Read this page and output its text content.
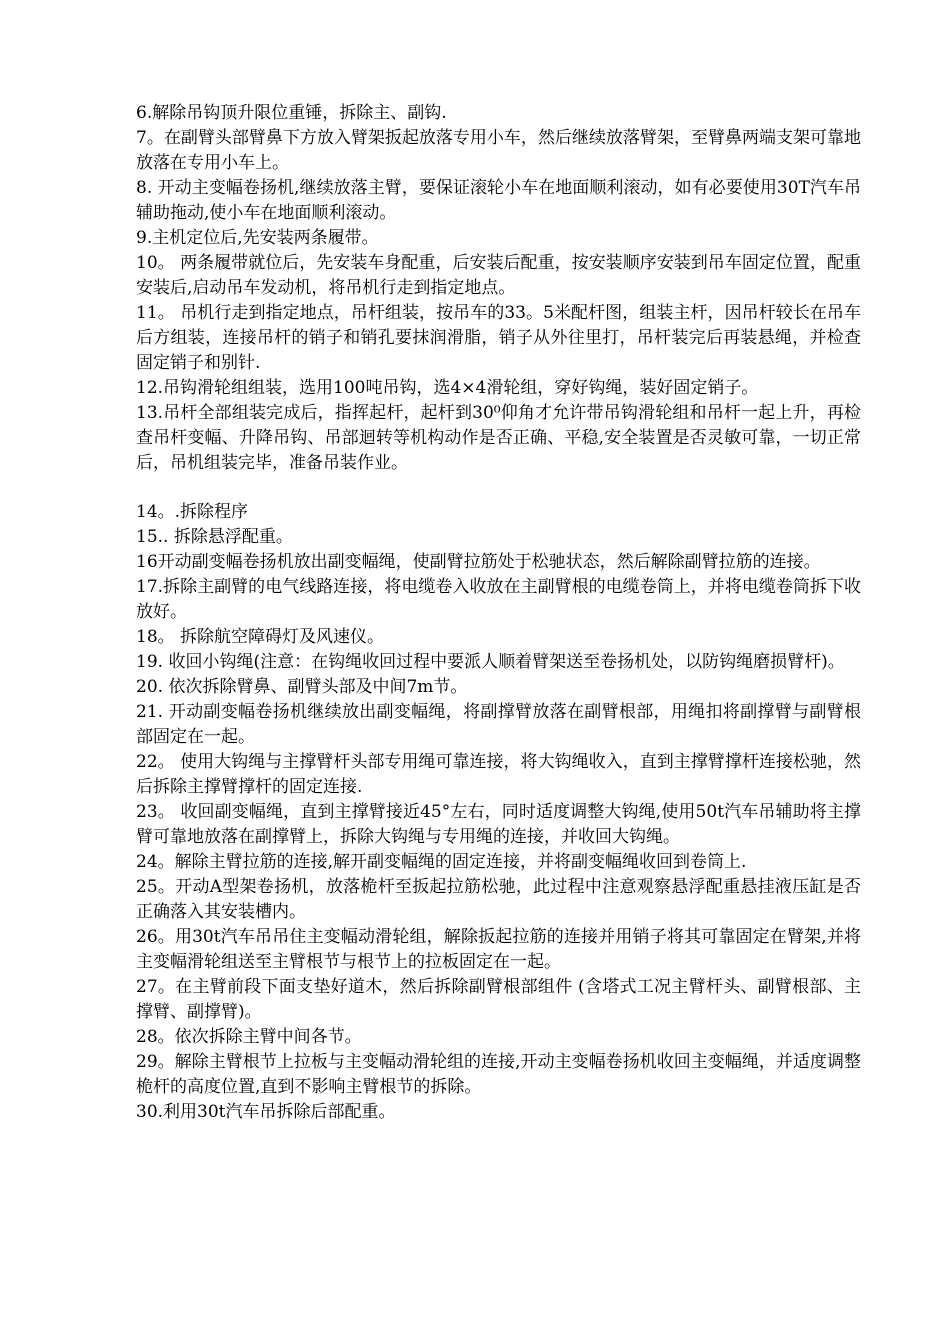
6.解除吊钩顶升限位重锤，拆除主、副钩.

7。在副臂头部臂鼻下方放入臂架扳起放落专用小车，然后继续放落臂架，至臂鼻两端支架可靠地放落在专用小车上。

8. 开动主变幅卷扬机,继续放落主臂，要保证滚轮小车在地面顺利滚动，如有必要使用30T汽车吊辅助拖动,使小车在地面顺利滚动。

9.主机定位后,先安装两条履带。

10。 两条履带就位后，先安装车身配重，后安装后配重，按安装顺序安装到吊车固定位置，配重安装后,启动吊车发动机，将吊机行走到指定地点。

11。 吊机行走到指定地点，吊杆组装，按吊车的33。5米配杆图，组装主杆，因吊杆较长在吊车后方组装，连接吊杆的销子和销孔要抹润滑脂，销子从外往里打，吊杆装完后再装悬绳，并检查固定销子和别针.

12.吊钩滑轮组组装，选用100吨吊钩，选4×4滑轮组，穿好钩绳，装好固定销子。

13.吊杆全部组装完成后，指挥起杆，起杆到30⁰仰角才允许带吊钩滑轮组和吊杆一起上升，再检查吊杆变幅、升降吊钩、吊部迴转等机构动作是否正确、平稳,安全装置是否灵敏可靠，一切正常后，吊机组装完毕，准备吊装作业。

14。.拆除程序

15.. 拆除悬浮配重。

16开动副变幅卷扬机放出副变幅绳，使副臂拉筋处于松驰状态，然后解除副臂拉筋的连接。

17.拆除主副臂的电气线路连接，将电缆卷入收放在主副臂根的电缆卷筒上，并将电缆卷筒拆下收放好。

18。 拆除航空障碍灯及风速仪。

19. 收回小钩绳(注意：在钩绳收回过程中要派人顺着臂架送至卷扬机处，以防钩绳磨损臂杆)。

20. 依次拆除臂鼻、副臂头部及中间7m节。

21. 开动副变幅卷扬机继续放出副变幅绳，将副撑臂放落在副臂根部，用绳扣将副撑臂与副臂根部固定在一起。

22。 使用大钩绳与主撑臂杆头部专用绳可靠连接，将大钩绳收入，直到主撑臂撑杆连接松驰，然后拆除主撑臂撑杆的固定连接.

23。 收回副变幅绳，直到主撑臂接近45°左右，同时适度调整大钩绳,使用50t汽车吊辅助将主撑臂可靠地放落在副撑臂上，拆除大钩绳与专用绳的连接，并收回大钩绳。

24。解除主臂拉筋的连接,解开副变幅绳的固定连接，并将副变幅绳收回到卷筒上.

25。开动A型架卷扬机，放落桅杆至扳起拉筋松驰，此过程中注意观察悬浮配重悬挂液压缸是否正确落入其安装槽内。

26。用30t汽车吊吊住主变幅动滑轮组，解除扳起拉筋的连接并用销子将其可靠固定在臂架,并将主变幅滑轮组送至主臂根节与根节上的拉板固定在一起。

27。在主臂前段下面支垫好道木，然后拆除副臂根部组件 (含塔式工况主臂杆头、副臂根部、主撑臂、副撑臂)。

28。依次拆除主臂中间各节。

29。解除主臂根节上拉板与主变幅动滑轮组的连接,开动主变幅卷扬机收回主变幅绳，并适度调整桅杆的高度位置,直到不影响主臂根节的拆除。

30.利用30t汽车吊拆除后部配重。
